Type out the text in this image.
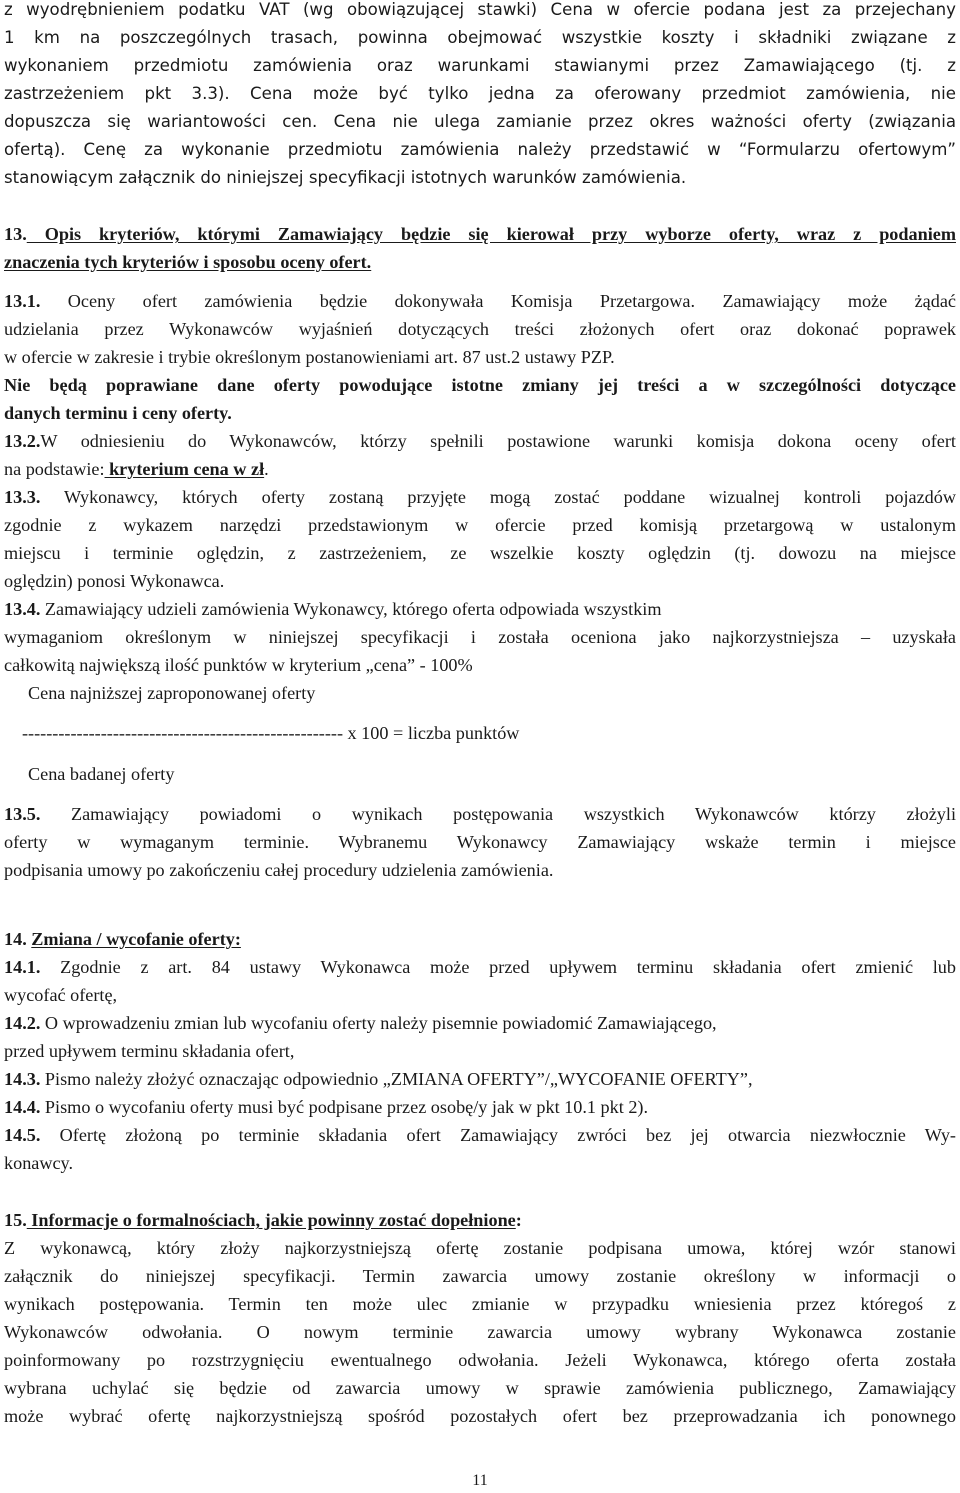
z wyodrębnieniem podatku VAT (wg obowiązującej stawki) Cena w ofercie podana jest za przejechany
1 km na poszczególnych trasach, powinna obejmować wszystkie koszty i składniki związane z
wykonaniem przedmiotu zamówienia oraz warunkami stawianymi przez Zamawiającego (tj. z
zastrzeżeniem pkt 3.3). Cena może być tylko jedna za oferowany przedmiot zamówienia, nie
dopuszcza się wariantowości cen. Cena nie ulega zamianie przez okres ważności oferty (związania
ofertą). Cenę za wykonanie przedmiotu zamówienia należy przedstawić w “Formularzu ofertowym”
stanowiącym załącznik do niniejszej specyfikacji istotnych warunków zamówienia.
13. Opis kryteriów, którymi Zamawiający będzie się kierował przy wyborze oferty, wraz z podaniem
znaczenia tych kryteriów i sposobu oceny ofert.
13.1. Oceny ofert zamówienia będzie dokonywała Komisja Przetargowa. Zamawiający może żądać
udzielania przez Wykonawców wyjaśnień dotyczących treści złożonych ofert oraz dokonać poprawek
w ofercie w zakresie i trybie określonym postanowieniami art. 87 ust.2 ustawy PZP.
Nie będą poprawiane dane oferty powodujące istotne zmiany jej treści a w szczególności dotyczące
danych terminu i ceny oferty.
13.2.W odniesieniu do Wykonawców, którzy spełnili postawione warunki komisja dokona oceny ofert
na podstawie: kryterium cena w zł.
13.3. Wykonawcy, których oferty zostaną przyjęte mogą zostać poddane wizualnej kontroli pojazdów
zgodnie z wykazem narzędzi przedstawionym w ofercie przed komisją przetargową w ustalonym
miejscu i terminie oględzin, z zastrzeżeniem, ze wszelkie koszty oględzin (tj. dowozu na miejsce
oględzin) ponosi Wykonawca.
13.4. Zamawiający udzieli zamówienia Wykonawcy, którego oferta odpowiada wszystkim
wymaganiom określonym w niniejszej specyfikacji i została oceniona jako najkorzystniejsza – uzyskała
całkowitą największą ilość punktów w kryterium „cena” - 100%
Cena najniższej zaproponowanej oferty
----------------------------------------------------- x 100 = liczba punktów
Cena badanej oferty
13.5. Zamawiający powiadomi o wynikach postępowania wszystkich Wykonawców którzy złożyli
oferty w wymaganym terminie. Wybranemu Wykonawcy Zamawiający wskaże termin i miejsce
podpisania umowy po zakończeniu całej procedury udzielenia zamówienia.
14. Zmiana / wycofanie oferty:
14.1. Zgodnie z art. 84 ustawy Wykonawca może przed upływem terminu składania ofert zmienić lub
wycofać ofertę,
14.2. O wprowadzeniu zmian lub wycofaniu oferty należy pisemnie powiadomić Zamawiającego,
przed upływem terminu składania ofert,
14.3. Pismo należy złożyć oznaczając odpowiednio „ZMIANA OFERTY”/„WYCOFANIE OFERTY”,
14.4. Pismo o wycofaniu oferty musi być podpisane przez osobę/y jak w pkt 10.1 pkt 2).
14.5. Ofertę złożoną po terminie składania ofert Zamawiający zwróci bez jej otwarcia niezwłocznie Wy-
konawcy.
15. Informacje o formalnościach, jakie powinny zostać dopełnione:
Z wykonawcą, który złoży najkorzystniejszą ofertę zostanie podpisana umowa, której wzór stanowi
załącznik do niniejszej specyfikacji. Termin zawarcia umowy zostanie określony w informacji o
wynikach postępowania. Termin ten może ulec zmianie w przypadku wniesienia przez któregoś z
Wykonawców odwołania. O nowym terminie zawarcia umowy wybrany Wykonawca zostanie
poinformowany po rozstrzygnięciu ewentualnego odwołania. Jeżeli Wykonawca, którego oferta została
wybrana uchylać się będzie od zawarcia umowy w sprawie zamówienia publicznego, Zamawiający
może wybrać ofertę najkorzystniejszą spośród pozostałych ofert bez przeprowadzania ich ponownego
11
